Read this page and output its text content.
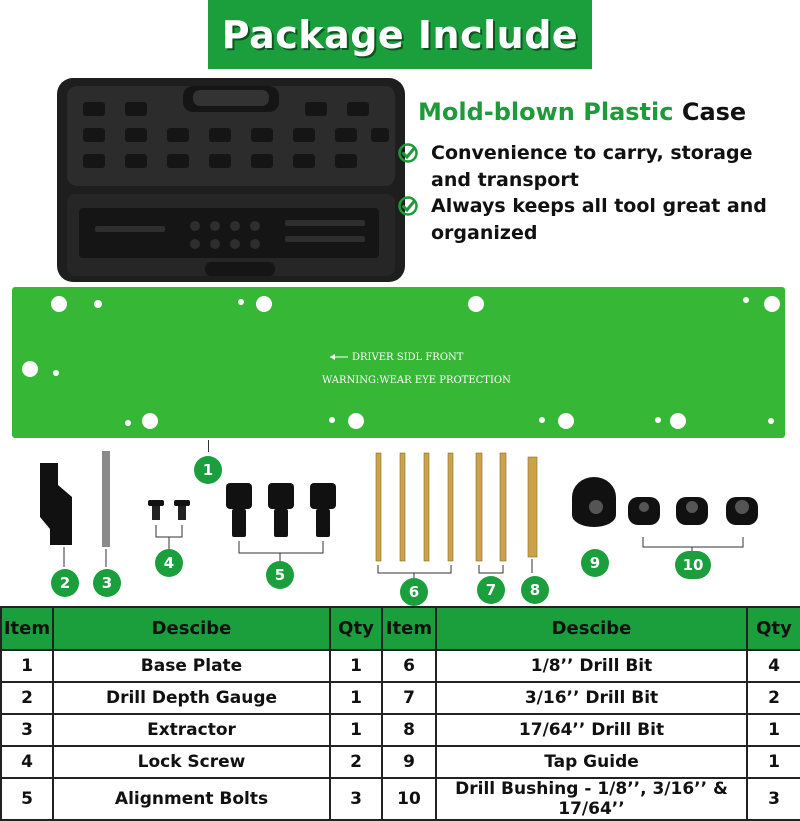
Package Include
Mold-blown Plastic Case
Convenience to carry, storage and transport
Always keeps all tool great and organized
DRIVER SIDL FRONT
WARNING:WEAR EYE PROTECTION
1
2	3
4
5
6	7	8
9	10
Item	Descibe	Qty	Item	Descibe	Qty
1	Base Plate	1	6	1/8’’ Drill Bit	4
2	Drill Depth Gauge	1	7	3/16’’ Drill Bit	2
3	Extractor	1	8	17/64’’ Drill Bit	1
4	Lock Screw	2	9	Tap Guide	1
5	Alignment Bolts	3	10	Drill Bushing - 1/8’’, 3/16’’ & 17/64’’	3
